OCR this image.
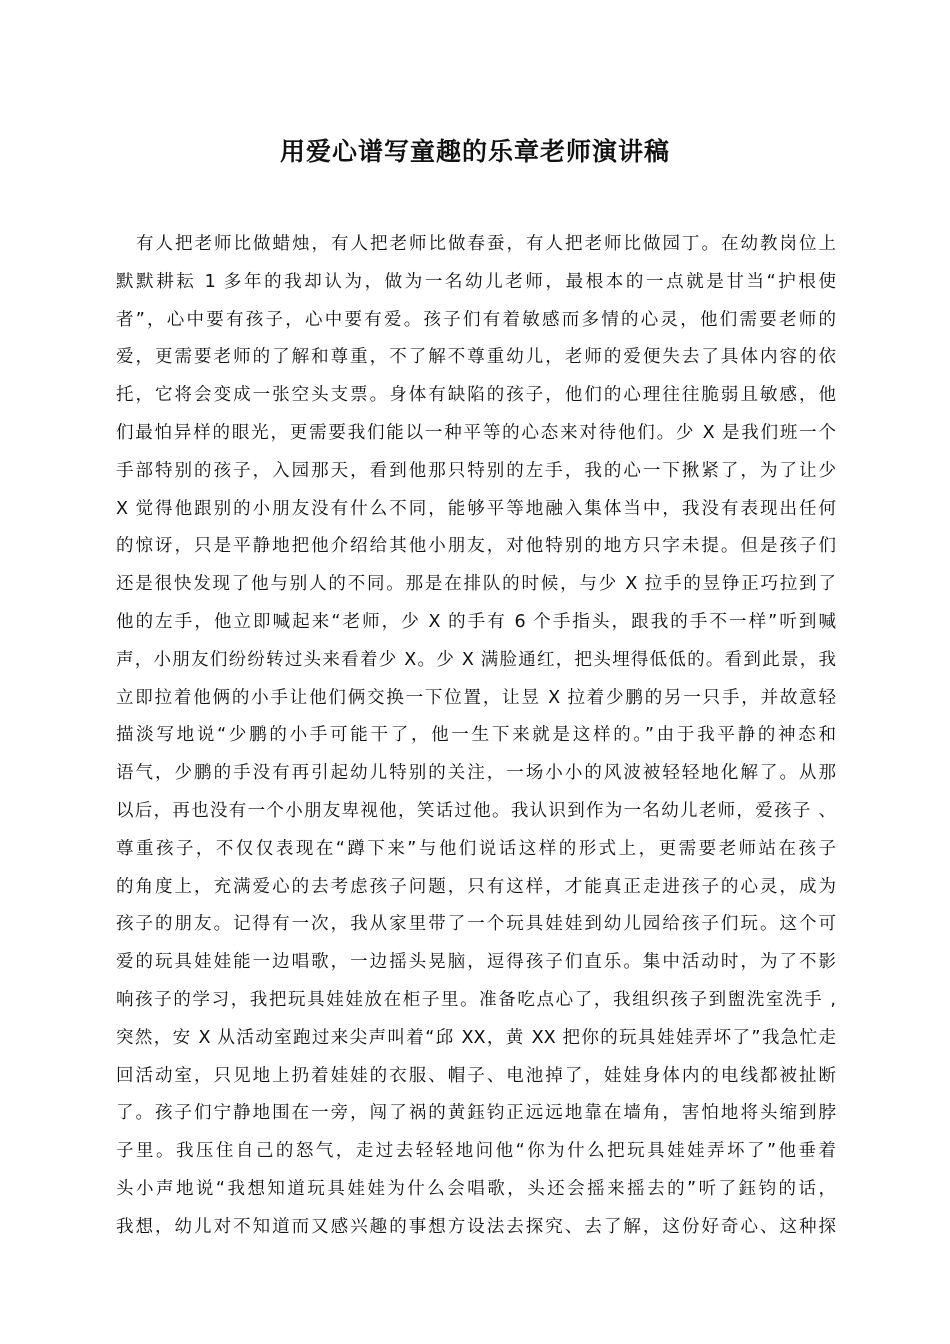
用爱心谱写童趣的乐章老师演讲稿
有人把老师比做蜡烛，有人把老师比做春蚕，有人把老师比做园丁。在幼教岗位上
默默耕耘 1 多年的我却认为，做为一名幼儿老师，最根本的一点就是甘当“护根使
者”，心中要有孩子，心中要有爱。孩子们有着敏感而多情的心灵，他们需要老师的
爱，更需要老师的了解和尊重，不了解不尊重幼儿，老师的爱便失去了具体内容的依
托，它将会变成一张空头支票。身体有缺陷的孩子，他们的心理往往脆弱且敏感，他
们最怕异样的眼光，更需要我们能以一种平等的心态来对待他们。少 X 是我们班一个
手部特别的孩子，入园那天，看到他那只特别的左手，我的心一下揪紧了，为了让少
X 觉得他跟别的小朋友没有什么不同，能够平等地融入集体当中，我没有表现出任何
的惊讶，只是平静地把他介绍给其他小朋友，对他特别的地方只字未提。但是孩子们
还是很快发现了他与别人的不同。那是在排队的时候，与少 X 拉手的昱铮正巧拉到了
他的左手，他立即喊起来“老师，少 X 的手有 6 个手指头，跟我的手不一样”听到喊
声，小朋友们纷纷转过头来看着少 X。少 X 满脸通红，把头埋得低低的。看到此景，我
立即拉着他俩的小手让他们俩交换一下位置，让昱 X 拉着少鹏的另一只手，并故意轻
描淡写地说“少鹏的小手可能干了，他一生下来就是这样的。”由于我平静的神态和
语气，少鹏的手没有再引起幼儿特别的关注，一场小小的风波被轻轻地化解了。从那
以后，再也没有一个小朋友卑视他，笑话过他。我认识到作为一名幼儿老师，爱孩子 、
尊重孩子，不仅仅表现在“蹲下来”与他们说话这样的形式上，更需要老师站在孩子
的角度上，充满爱心的去考虑孩子问题，只有这样，才能真正走进孩子的心灵，成为
孩子的朋友。记得有一次，我从家里带了一个玩具娃娃到幼儿园给孩子们玩。这个可
爱的玩具娃娃能一边唱歌，一边摇头晃脑，逗得孩子们直乐。集中活动时，为了不影
响孩子的学习，我把玩具娃娃放在柜子里。准备吃点心了，我组织孩子到盥洗室洗手 ,
突然，安 X 从活动室跑过来尖声叫着“邱 XX，黄 XX 把你的玩具娃娃弄坏了”我急忙走
回活动室，只见地上扔着娃娃的衣服、帽子、电池掉了，娃娃身体内的电线都被扯断
了。孩子们宁静地围在一旁，闯了祸的黄鈺钧正远远地靠在墙角，害怕地将头缩到脖
子里。我压住自己的怒气，走过去轻轻地问他“你为什么把玩具娃娃弄坏了”他垂着
头小声地说“我想知道玩具娃娃为什么会唱歌，头还会摇来摇去的”听了鈺钧的话，
我想，幼儿对不知道而又感兴趣的事想方设法去探究、去了解，这份好奇心、这种探
